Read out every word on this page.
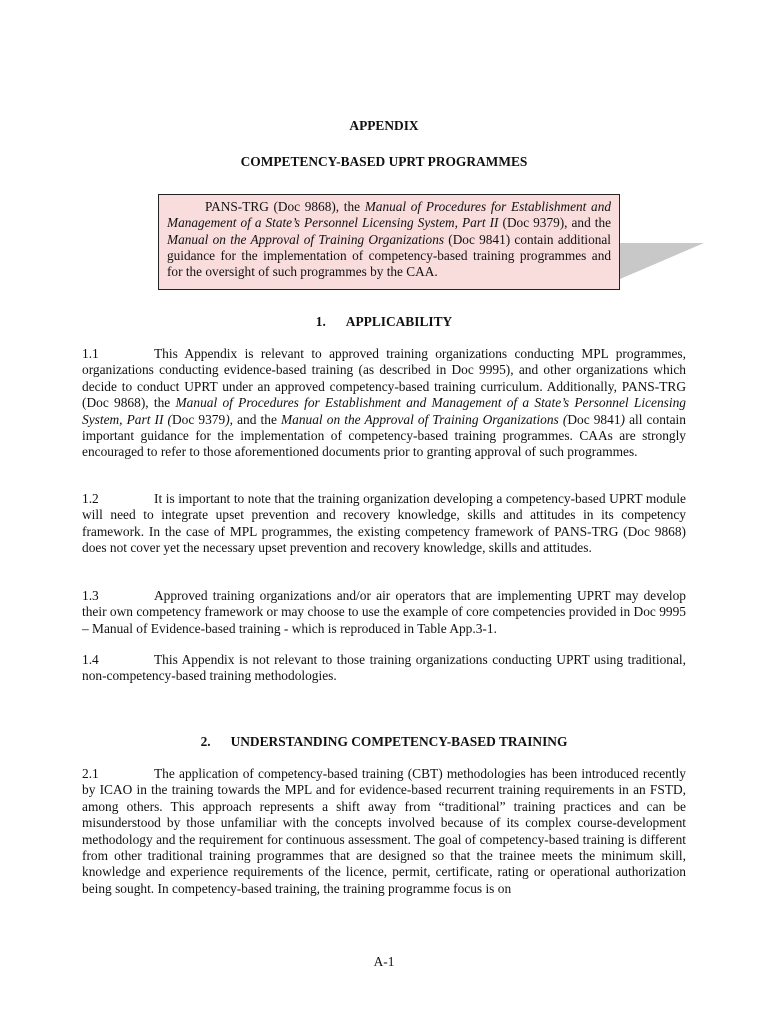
APPENDIX
COMPETENCY-BASED UPRT PROGRAMMES
PANS-TRG (Doc 9868), the Manual of Procedures for Establishment and Management of a State’s Personnel Licensing System, Part II (Doc 9379), and the Manual on the Approval of Training Organizations (Doc 9841) contain additional guidance for the implementation of competency-based training programmes and for the oversight of such programmes by the CAA.
1. APPLICABILITY
1.1	This Appendix is relevant to approved training organizations conducting MPL programmes, organizations conducting evidence-based training (as described in Doc 9995), and other organizations which decide to conduct UPRT under an approved competency-based training curriculum. Additionally, PANS-TRG (Doc 9868), the Manual of Procedures for Establishment and Management of a State’s Personnel Licensing System, Part II (Doc 9379), and the Manual on the Approval of Training Organizations (Doc 9841) all contain important guidance for the implementation of competency-based training programmes. CAAs are strongly encouraged to refer to those aforementioned documents prior to granting approval of such programmes.
1.2	It is important to note that the training organization developing a competency-based UPRT module will need to integrate upset prevention and recovery knowledge, skills and attitudes in its competency framework. In the case of MPL programmes, the existing competency framework of PANS-TRG (Doc 9868) does not cover yet the necessary upset prevention and recovery knowledge, skills and attitudes.
1.3	Approved training organizations and/or air operators that are implementing UPRT may develop their own competency framework or may choose to use the example of core competencies provided in Doc 9995 – Manual of Evidence-based training - which is reproduced in Table App.3-1.
1.4	This Appendix is not relevant to those training organizations conducting UPRT using traditional, non-competency-based training methodologies.
2. UNDERSTANDING COMPETENCY-BASED TRAINING
2.1	The application of competency-based training (CBT) methodologies has been introduced recently by ICAO in the training towards the MPL and for evidence-based recurrent training requirements in an FSTD, among others. This approach represents a shift away from “traditional” training practices and can be misunderstood by those unfamiliar with the concepts involved because of its complex course-development methodology and the requirement for continuous assessment. The goal of competency-based training is different from other traditional training programmes that are designed so that the trainee meets the minimum skill, knowledge and experience requirements of the licence, permit, certificate, rating or operational authorization being sought. In competency-based training, the training programme focus is on
A-1
